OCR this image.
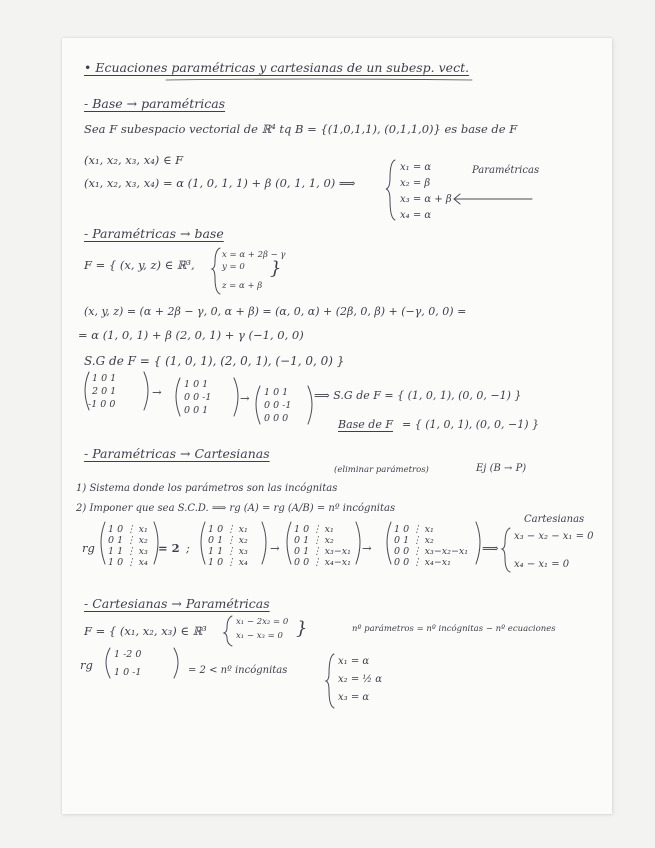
• Ecuaciones paramétricas y cartesianas de un subesp. vect.
- Base → paramétricas
Sea F subespacio vectorial de ℝ⁴ tq B = {(1,0,1,1), (0,1,1,0)} es base de F
(x₁, x₂, x₃, x₄) ∈ F
(x₁, x₂, x₃, x₄) = α (1, 0, 1, 1) + β (0, 1, 1, 0) ⟹
x₁ = α
x₂ = β
x₃ = α + β
x₄ = α
Paramétricas
- Paramétricas → base
F = { (x, y, z) ∈ ℝ³,
x = α + 2β − γ
y = 0
z = α + β
}
(x, y, z) = (α + 2β − γ, 0, α + β) = (α, 0, α) + (2β, 0, β) + (−γ, 0, 0) =
= α (1, 0, 1) + β (2, 0, 1) + γ (−1, 0, 0)
S.G de F = { (1, 0, 1), (2, 0, 1), (−1, 0, 0) }
1 0 1
2 0 1
-1 0 0
→
1 0 1
0 0 -1
0 0 1
→ 1 0 1
0 0 -1
0 0 0
⟹ S.G de F = { (1, 0, 1), (0, 0, −1) }
Base de F = { (1, 0, 1), (0, 0, −1) }
- Paramétricas → Cartesianas
(eliminar parámetros)	Ej (B → P)
1) Sistema donde los parámetros son las incógnitas
2) Imponer que sea S.C.D. ⟹ rg (A) = rg (A/B) = nº incógnitas
rg
1 0 ⋮ x₁
0 1 ⋮ x₂
1 1 ⋮ x₃
1 0 ⋮ x₄
= 2 ;
1 0 ⋮ x₁
0 1 ⋮ x₂
1 1 ⋮ x₃
1 0 ⋮ x₄
→
1 0 ⋮ x₁
0 1 ⋮ x₂
0 1 ⋮ x₃−x₁
0 0 ⋮ x₄−x₁
→
1 0 ⋮ x₁
0 1 ⋮ x₂
0 0 ⋮ x₃−x₂−x₁
0 0 ⋮ x₄−x₁
⟹
Cartesianas
x₃ − x₂ − x₁ = 0
x₄ − x₁ = 0
- Cartesianas → Paramétricas
F = { (x₁, x₂, x₃) ∈ ℝ³
x₁ − 2x₂ = 0
x₁ − x₃ = 0 }	nº parámetros = nº incógnitas − nº ecuaciones
rg
1 -2 0
1 0 -1	= 2 < nº incógnitas
x₁ = α
x₂ = ½ α
x₃ = α
